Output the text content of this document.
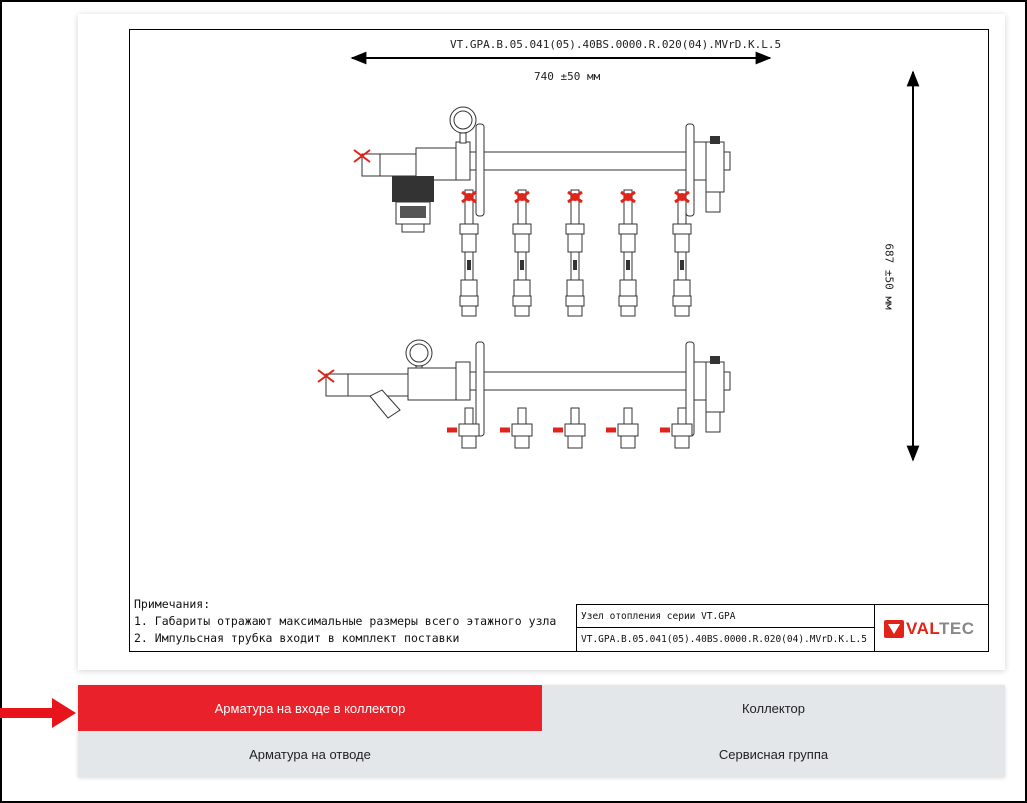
VT.GPA.B.05.041(05).40BS.0000.R.020(04).MVrD.K.L.5
740 ±50 мм
687 ±50 мм
Примечания:
1. Габариты отражают максимальные размеры всего этажного узла
2. Импульсная трубка входит в комплект поставки
Узел отопления серии VT.GPA
VT.GPA.B.05.041(05).40BS.0000.R.020(04).MVrD.K.L.5
VALTEC
Арматура на входе в коллектор	Коллектор
Арматура на отводе	Сервисная группа
